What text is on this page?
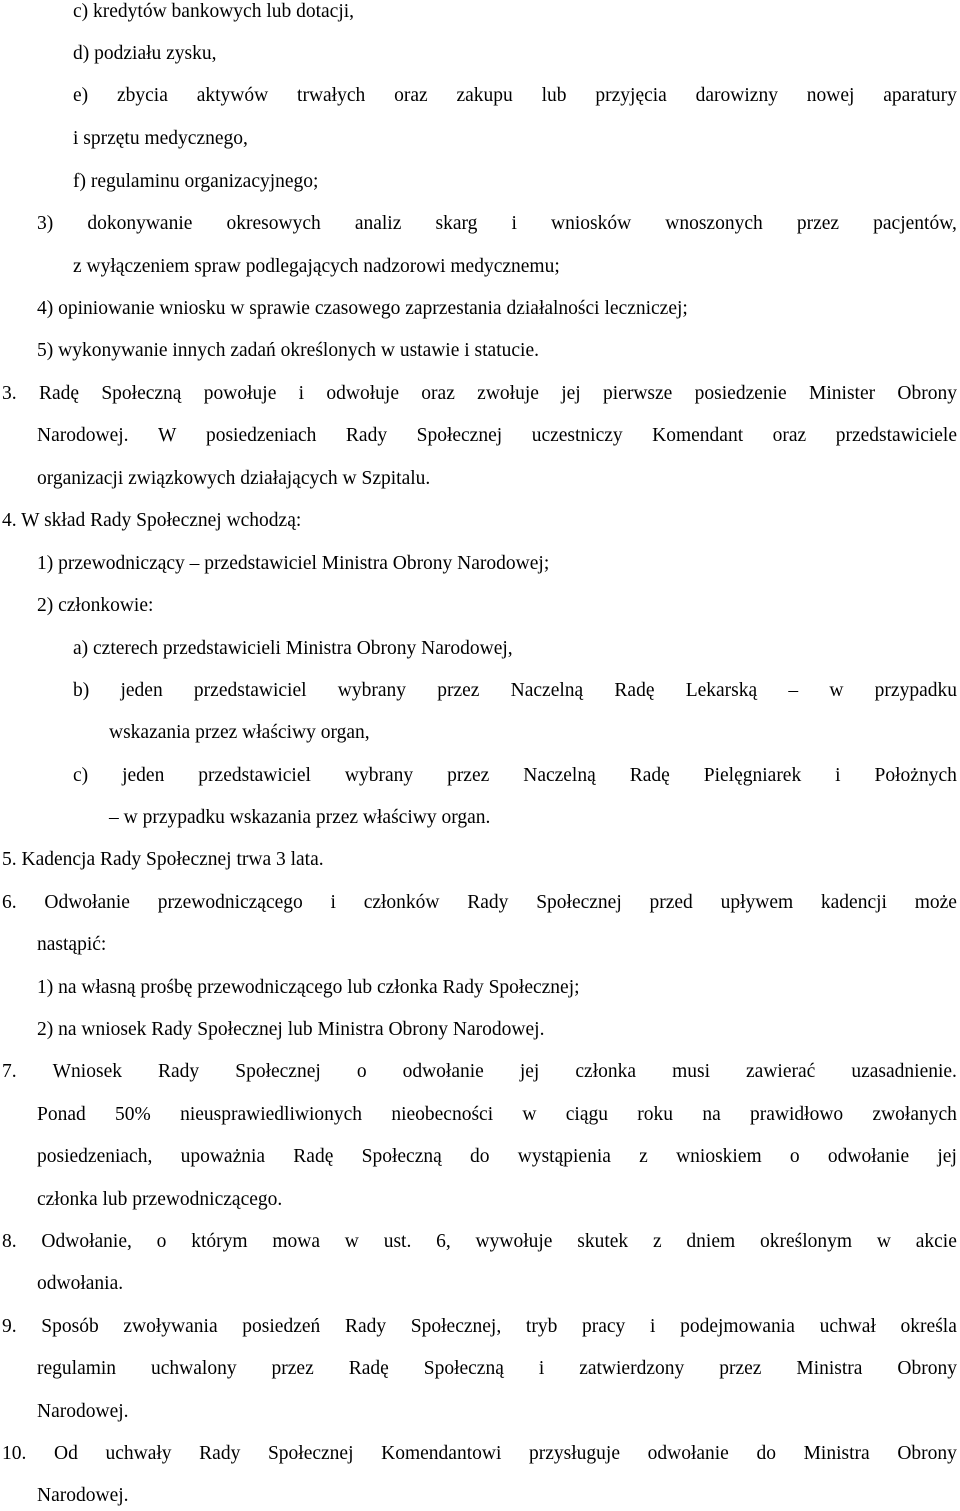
c) kredytów bankowych lub dotacji,
d) podziału zysku,
i sprzętu medycznego,
f) regulaminu organizacyjnego;
z wyłączeniem spraw podlegających nadzorowi medycznemu;
4) opiniowanie wniosku w sprawie czasowego zaprzestania działalności leczniczej;
5) wykonywanie innych zadań określonych w ustawie i statucie.
organizacji związkowych działających w Szpitalu.
4. W skład Rady Społecznej wchodzą:
1) przewodniczący – przedstawiciel Ministra Obrony Narodowej;
2) członkowie:
a) czterech przedstawicieli Ministra Obrony Narodowej,
wskazania przez właściwy organ,
– w przypadku wskazania przez właściwy organ.
5. Kadencja Rady Społecznej trwa 3 lata.
nastąpić:
1) na własną prośbę przewodniczącego lub członka Rady Społecznej;
2) na wniosek Rady Społecznej lub Ministra Obrony Narodowej.
członka lub przewodniczącego.
odwołania.
Narodowej.
Narodowej.
e) zbycia aktywów trwałych oraz zakupu lub przyjęcia darowizny nowej aparatury
3) dokonywanie okresowych analiz skarg i wniosków wnoszonych przez pacjentów,
3. Radę Społeczną powołuje i odwołuje oraz zwołuje jej pierwsze posiedzenie Minister Obrony
Narodowej. W posiedzeniach Rady Społecznej uczestniczy Komendant oraz przedstawiciele
b) jeden przedstawiciel wybrany przez Naczelną Radę Lekarską – w przypadku
c) jeden przedstawiciel wybrany przez Naczelną Radę Pielęgniarek i Położnych
6. Odwołanie przewodniczącego i członków Rady Społecznej przed upływem kadencji może
7. Wniosek Rady Społecznej o odwołanie jej członka musi zawierać uzasadnienie.
Ponad 50% nieusprawiedliwionych nieobecności w ciągu roku na prawidłowo zwołanych
posiedzeniach, upoważnia Radę Społeczną do wystąpienia z wnioskiem o odwołanie jej
8. Odwołanie, o którym mowa w ust. 6, wywołuje skutek z dniem określonym w akcie
9. Sposób zwoływania posiedzeń Rady Społecznej, tryb pracy i podejmowania uchwał określa
regulamin uchwalony przez Radę Społeczną i zatwierdzony przez Ministra Obrony
10. Od uchwały Rady Społecznej Komendantowi przysługuje odwołanie do Ministra Obrony
